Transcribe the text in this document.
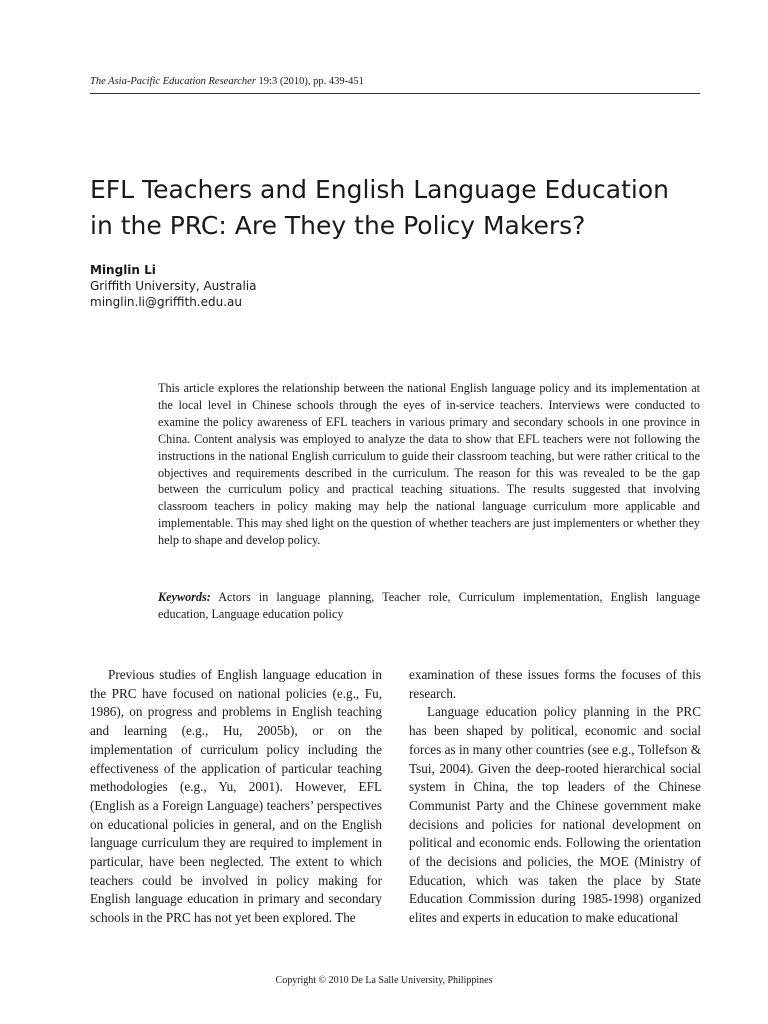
The Asia-Pacific Education Researcher 19:3 (2010), pp. 439-451
EFL Teachers and English Language Education
in the PRC: Are They the Policy Makers?
Minglin Li
Griffith University, Australia
minglin.li@griffith.edu.au

This article explores the relationship between the national English language policy and its implementation at the local level in Chinese schools through the eyes of in-service teachers. Interviews were conducted to examine the policy awareness of EFL teachers in various primary and secondary schools in one province in China. Content analysis was employed to analyze the data to show that EFL teachers were not following the instructions in the national English curriculum to guide their classroom teaching, but were rather critical to the objectives and requirements described in the curriculum. The reason for this was revealed to be the gap between the curriculum policy and practical teaching situations. The results suggested that involving classroom teachers in policy making may help the national language curriculum more applicable and implementable. This may shed light on the question of whether teachers are just implementers or whether they help to shape and develop policy.

Keywords: Actors in language planning, Teacher role, Curriculum implementation, English language education, Language education policy

Previous studies of English language education in the PRC have focused on national policies (e.g., Fu, 1986), on progress and problems in English teaching and learning (e.g., Hu, 2005b), or on the implementation of curriculum policy including the effectiveness of the application of particular teaching methodologies (e.g., Yu, 2001). However, EFL (English as a Foreign Language) teachers’ perspectives on educational policies in general, and on the English language curriculum they are required to implement in particular, have been neglected. The extent to which teachers could be involved in policy making for English language education in primary and secondary schools in the PRC has not yet been explored. The

examination of these issues forms the focuses of this research.

Language education policy planning in the PRC has been shaped by political, economic and social forces as in many other countries (see e.g., Tollefson & Tsui, 2004). Given the deep-rooted hierarchical social system in China, the top leaders of the Chinese Communist Party and the Chinese government make decisions and policies for national development on political and economic ends. Following the orientation of the decisions and policies, the MOE (Ministry of Education, which was taken the place by State Education Commission during 1985-1998) organized elites and experts in education to make educational

Copyright © 2010 De La Salle University, Philippines
